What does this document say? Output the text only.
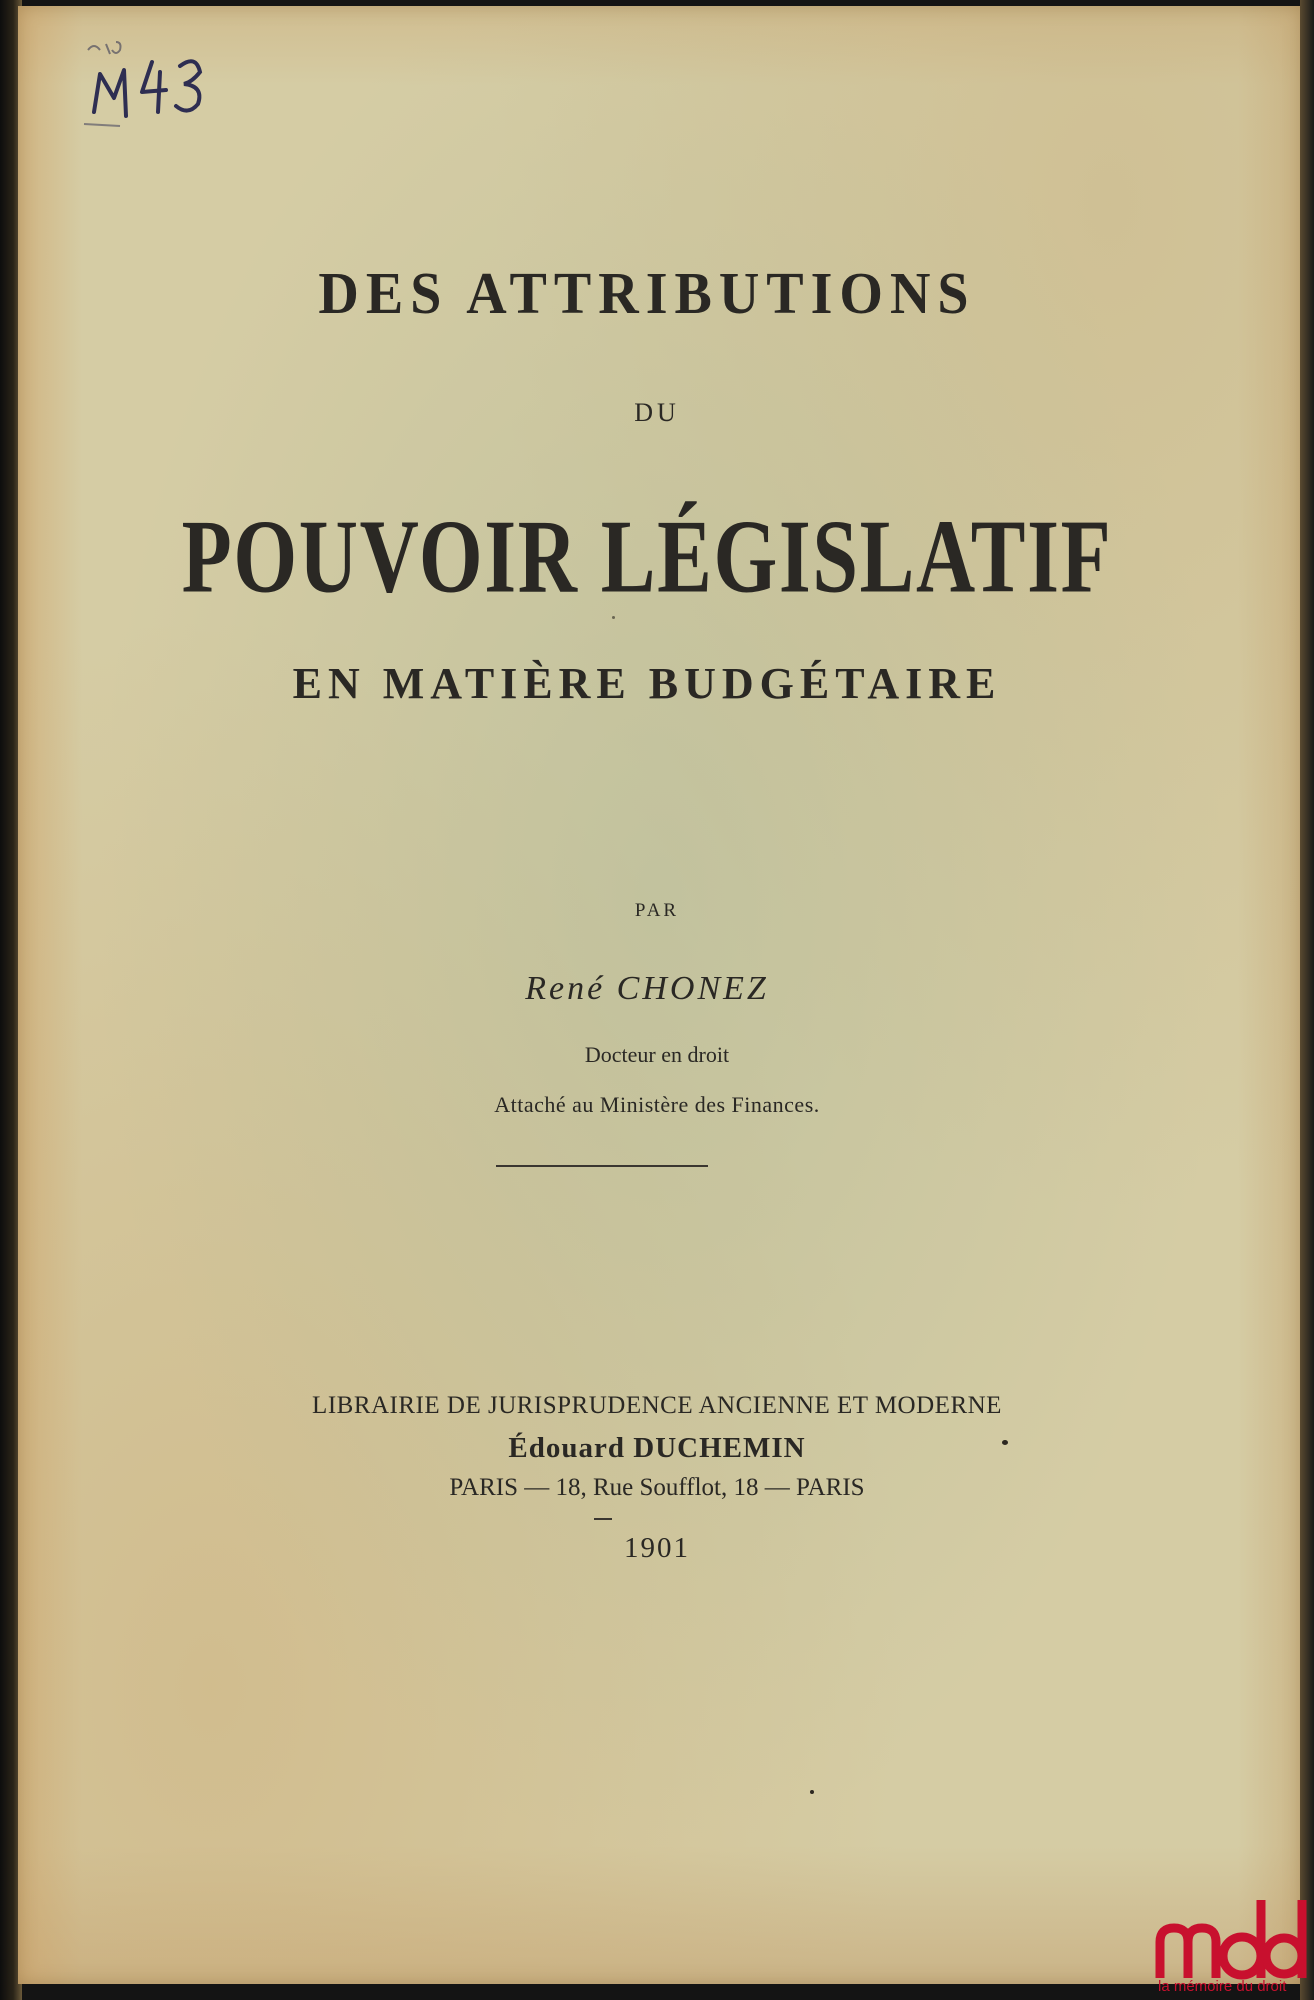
DES ATTRIBUTIONS
DU
POUVOIR LÉGISLATIF
EN MATIÈRE BUDGÉTAIRE
PAR
René CHONEZ
Docteur en droit
Attaché au Ministère des Finances.
LIBRAIRIE DE JURISPRUDENCE ANCIENNE ET MODERNE
Édouard DUCHEMIN
PARIS — 18, Rue Soufflot, 18 — PARIS
1901
la mémoire du droit
